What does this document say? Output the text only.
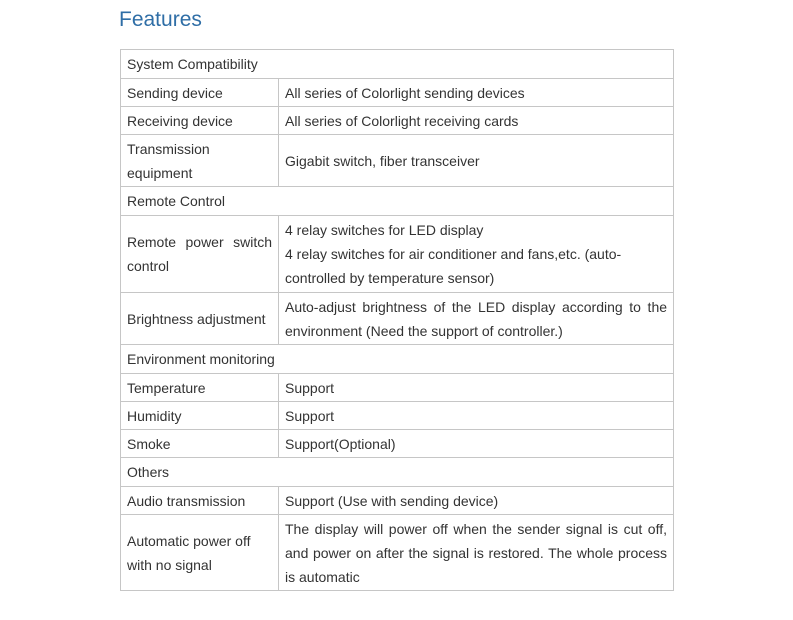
Features
System Compatibility	
Sending device	All series of Colorlight sending devices
Receiving device	All series of Colorlight receiving cards
Transmission equipment	Gigabit switch, fiber transceiver
Remote Control	
Remote power switch control	4 relay switches for LED display
4 relay switches for air conditioner and fans,etc. (auto-controlled by temperature sensor)

Brightness adjustment	Auto-adjust brightness of the LED display according to the environment (Need the support of controller.)
Environment monitoring	
Temperature	Support
Humidity	Support
Smoke	Support(Optional)
Others	
Audio transmission	Support (Use with sending device)
Automatic power off with no signal	The display will power off when the sender signal is cut off, and power on after the signal is restored. The whole process is automatic
